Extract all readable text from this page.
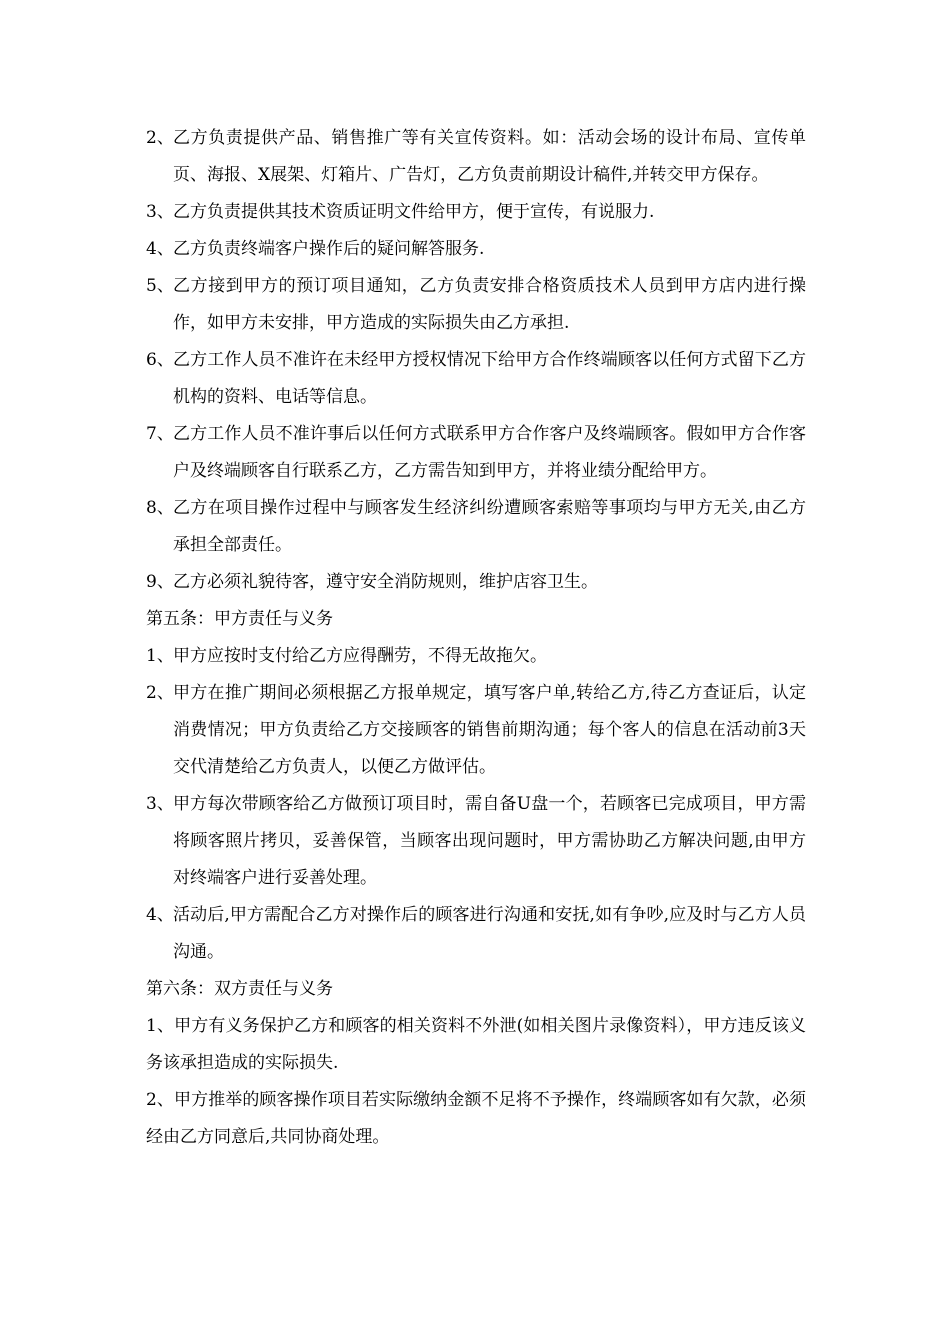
2、 乙方负责提供产品、销售推广等有关宣传资料。如：活动会场的设计布局、宣传单页、海报、X展架、灯箱片、广告灯，乙方负责前期设计稿件,并转交甲方保存。
3、 乙方负责提供其技术资质证明文件给甲方，便于宣传，有说服力.
4、 乙方负责终端客户操作后的疑问解答服务.
5、 乙方接到甲方的预订项目通知，乙方负责安排合格资质技术人员到甲方店内进行操作，如甲方未安排，甲方造成的实际损失由乙方承担.
6、 乙方工作人员不准许在未经甲方授权情况下给甲方合作终端顾客以任何方式留下乙方机构的资料、电话等信息。
7、 乙方工作人员不准许事后以任何方式联系甲方合作客户及终端顾客。假如甲方合作客户及终端顾客自行联系乙方，乙方需告知到甲方，并将业绩分配给甲方。
8、 乙方在项目操作过程中与顾客发生经济纠纷遭顾客索赔等事项均与甲方无关,由乙方承担全部责任。
9、 乙方必须礼貌待客，遵守安全消防规则，维护店容卫生。

第五条：甲方责任与义务

1、 甲方应按时支付给乙方应得酬劳，不得无故拖欠。
2、 甲方在推广期间必须根据乙方报单规定，填写客户单,转给乙方,待乙方查证后，认定消费情况；甲方负责给乙方交接顾客的销售前期沟通；每个客人的信息在活动前3天交代清楚给乙方负责人，以便乙方做评估。
3、 甲方每次带顾客给乙方做预订项目时，需自备U盘一个，若顾客已完成项目，甲方需将顾客照片拷贝，妥善保管，当顾客出现问题时，甲方需协助乙方解决问题,由甲方对终端客户进行妥善处理。
4、 活动后,甲方需配合乙方对操作后的顾客进行沟通和安抚,如有争吵,应及时与乙方人员沟通。

第六条：双方责任与义务

1、甲方有义务保护乙方和顾客的相关资料不外泄(如相关图片录像资料），甲方违反该义务该承担造成的实际损失.

2、甲方推举的顾客操作项目若实际缴纳金额不足将不予操作，终端顾客如有欠款，必须经由乙方同意后,共同协商处理。
